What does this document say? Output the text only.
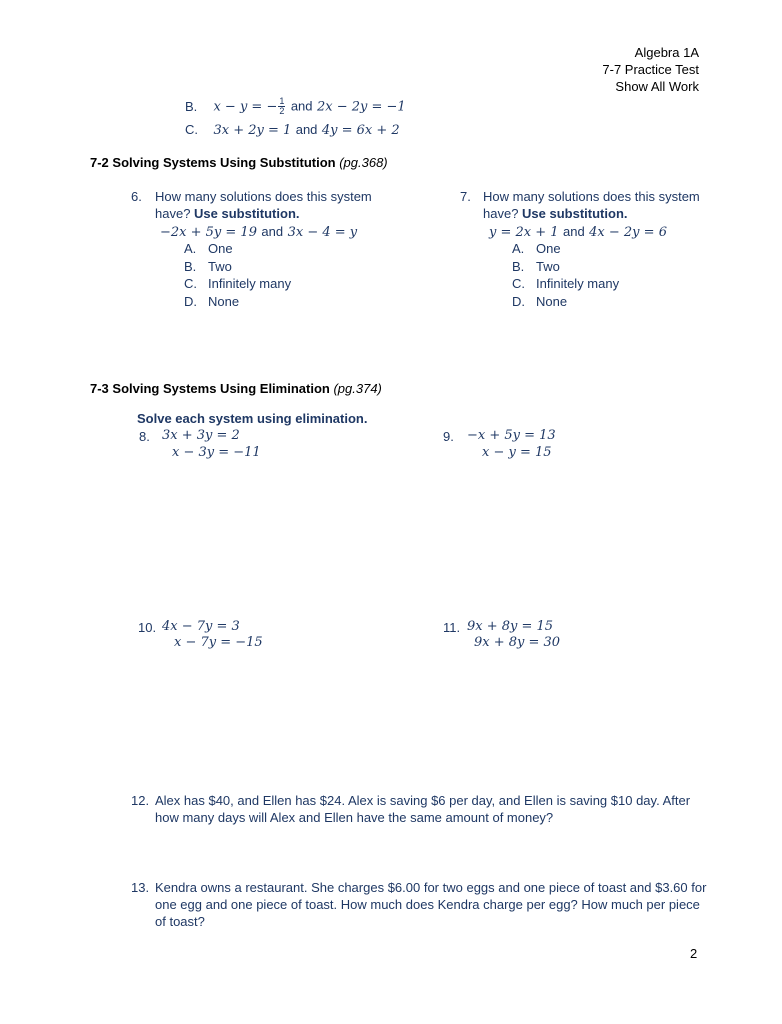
Algebra 1A
7-7 Practice Test
Show All Work
B. x − y = − $\frac{1}{2}$ and 2x − 2y = −1
C. 3x + 2y = 1 and 4y = 6x + 2
7-2 Solving Systems Using Substitution (pg.368)
6. How many solutions does this system
have? Use substitution.
−2x + 5y = 19 and 3x − 4 = y
A. One
B. Two
C. Infinitely many
D. None
7. How many solutions does this system
have? Use substitution.
y = 2x + 1 and 4x − 2y = 6
A. One
B. Two
C. Infinitely many
D. None
7-3 Solving Systems Using Elimination (pg.374)
Solve each system using elimination.
8. 3x + 3y = 2
x − 3y = −11
9. −x + 5y = 13
x − y = 15
10. 4x − 7y = 3
x − 7y = −15
11. 9x + 8y = 15
9x + 8y = 30
12. Alex has $40, and Ellen has $24. Alex is saving $6 per day, and Ellen is saving $10 day. After
how many days will Alex and Ellen have the same amount of money?
13. Kendra owns a restaurant. She charges $6.00 for two eggs and one piece of toast and $3.60 for
one egg and one piece of toast. How much does Kendra charge per egg? How much per piece
of toast?
2
